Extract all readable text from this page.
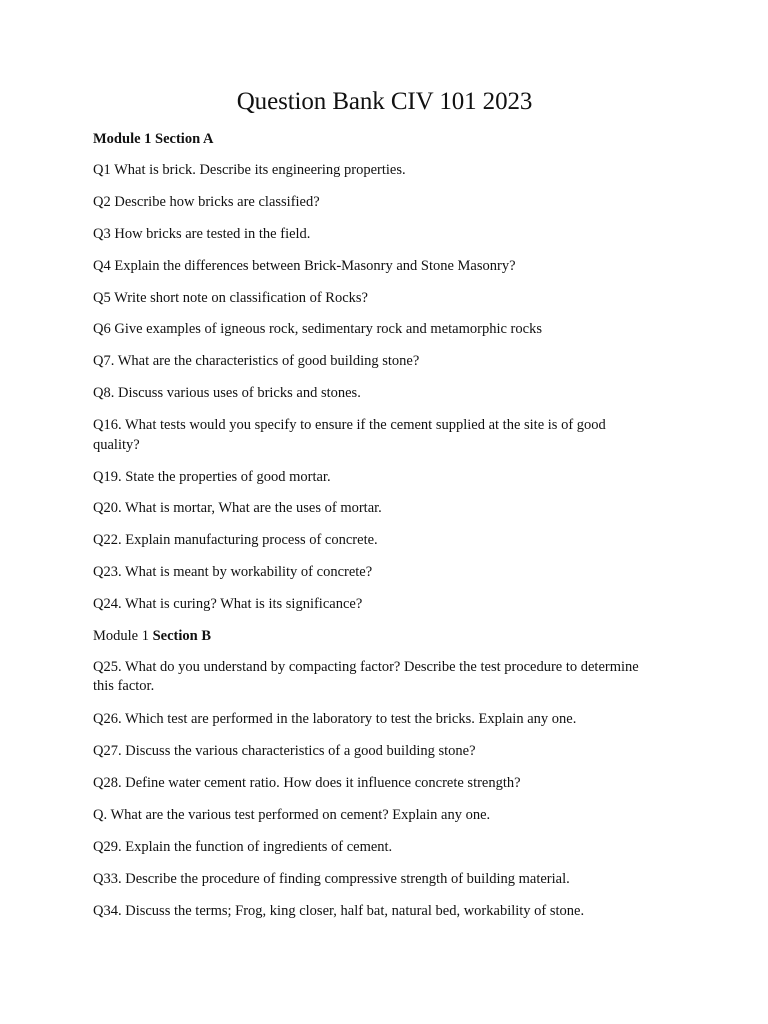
Question Bank CIV 101 2023

Module 1 Section A

Q1 What is brick. Describe its engineering properties.

Q2 Describe how bricks are classified?

Q3 How bricks are tested in the field.

Q4 Explain the differences between Brick-Masonry and Stone Masonry?

Q5 Write short note on classification of Rocks?

Q6 Give examples of igneous rock, sedimentary rock and metamorphic rocks

Q7. What are the characteristics of good building stone?

Q8. Discuss various uses of bricks and stones.

Q16. What tests would you specify to ensure if the cement supplied at the site is of good quality?

Q19. State the properties of good mortar.

Q20. What is mortar, What are the uses of mortar.

Q22. Explain manufacturing process of concrete.

Q23. What is meant by workability of concrete?

Q24. What is curing? What is its significance?

Module 1 Section B

Q25. What do you understand by compacting factor? Describe the test procedure to determine this factor.

Q26. Which test are performed in the laboratory to test the bricks. Explain any one.

Q27. Discuss the various characteristics of a good building stone?

Q28. Define water cement ratio. How does it influence concrete strength?

Q. What are the various test performed on cement? Explain any one.

Q29. Explain the function of ingredients of cement.

Q33. Describe the procedure of finding compressive strength of building material.

Q34. Discuss the terms; Frog, king closer, half bat, natural bed, workability of stone.
